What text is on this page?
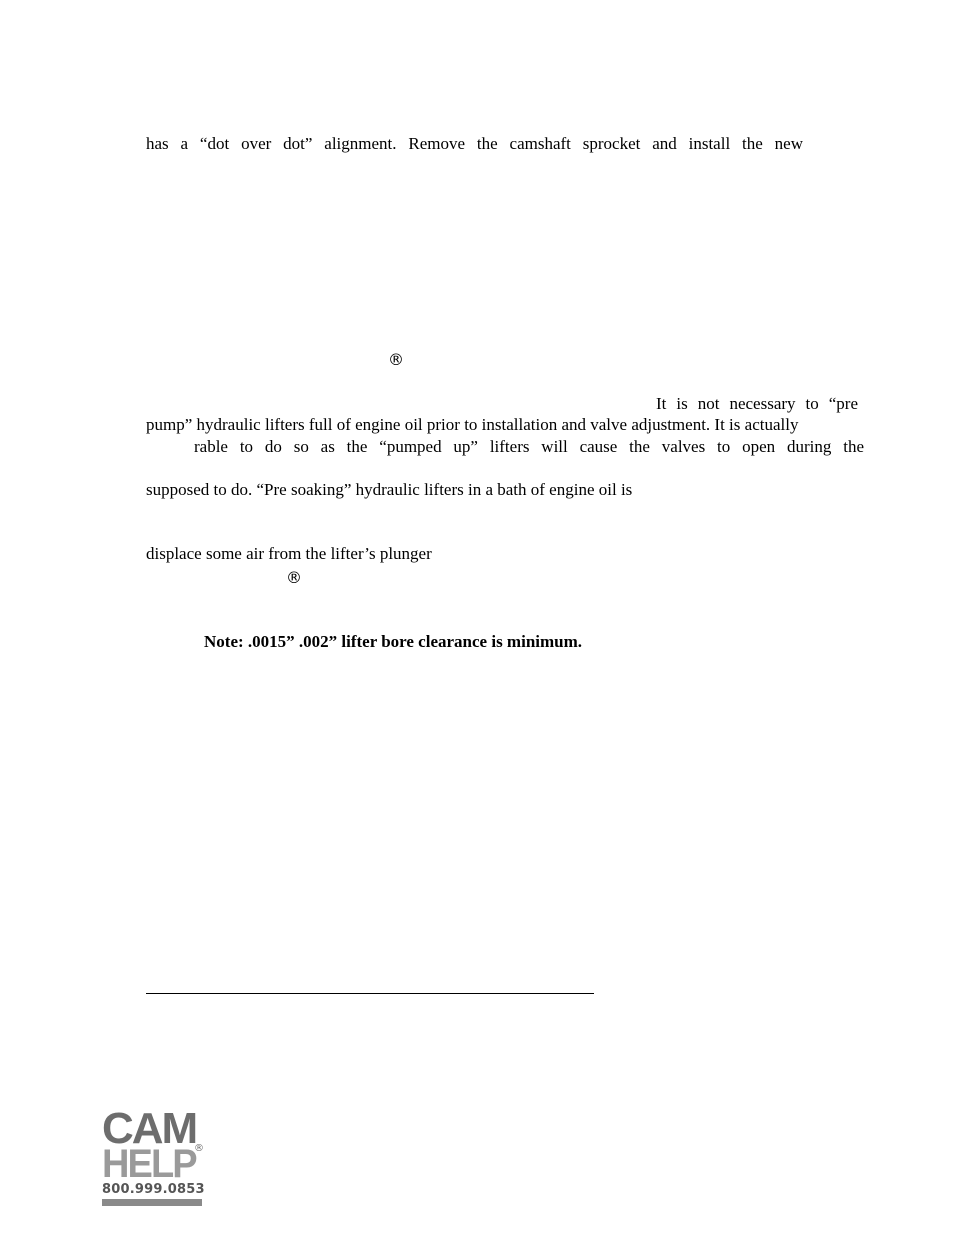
has a “dot over dot” alignment. Remove the camshaft sprocket and install the new
®
It is not necessary to “pre
pump” hydraulic lifters full of engine oil prior to installation and valve adjustment. It is actually
rable to do so as the “pumped up” lifters will cause the valves to open during the
supposed to do. “Pre soaking” hydraulic lifters in a bath of engine oil is
displace some air from the lifter’s plunger
®
Note: .0015” .002” lifter bore clearance is minimum.
CAM
HELP
®
800.999.0853
